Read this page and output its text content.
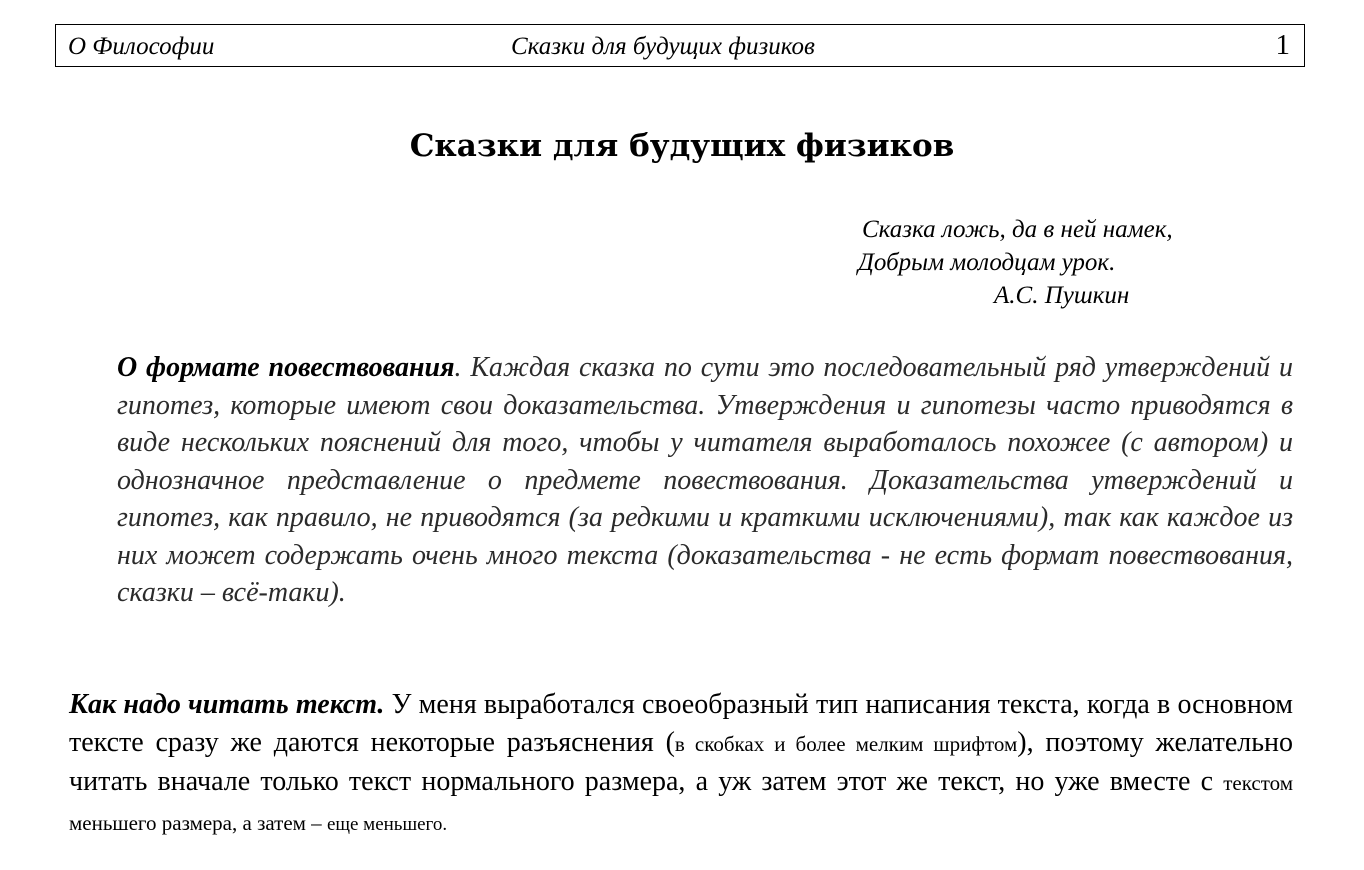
О Философии	Сказки для будущих физиков	1
Сказки для будущих физиков
Сказка ложь, да в ней намек,
Добрым молодцам урок.
А.С. Пушкин

О формате повествования. Каждая сказка по сути это последовательный ряд утверждений и гипотез, которые имеют свои доказательства. Утверждения и гипотезы часто приводятся в виде нескольких пояснений для того, чтобы у читателя выработалось похожее (с автором) и однозначное представление о предмете повествования. Доказательства утверждений и гипотез, как правило, не приводятся (за редкими и краткими исключениями), так как каждое из них может содержать очень много текста (доказательства - не есть формат повествования, сказки – всё-таки).

Как надо читать текст. У меня выработался своеобразный тип написания текста, когда в основном тексте сразу же даются некоторые разъяснения (в скобках и более мелким шрифтом), поэтому желательно читать вначале только текст нормального размера, а уж затем этот же текст, но уже вместе с текстом меньшего размера, а затем – еще меньшего.
